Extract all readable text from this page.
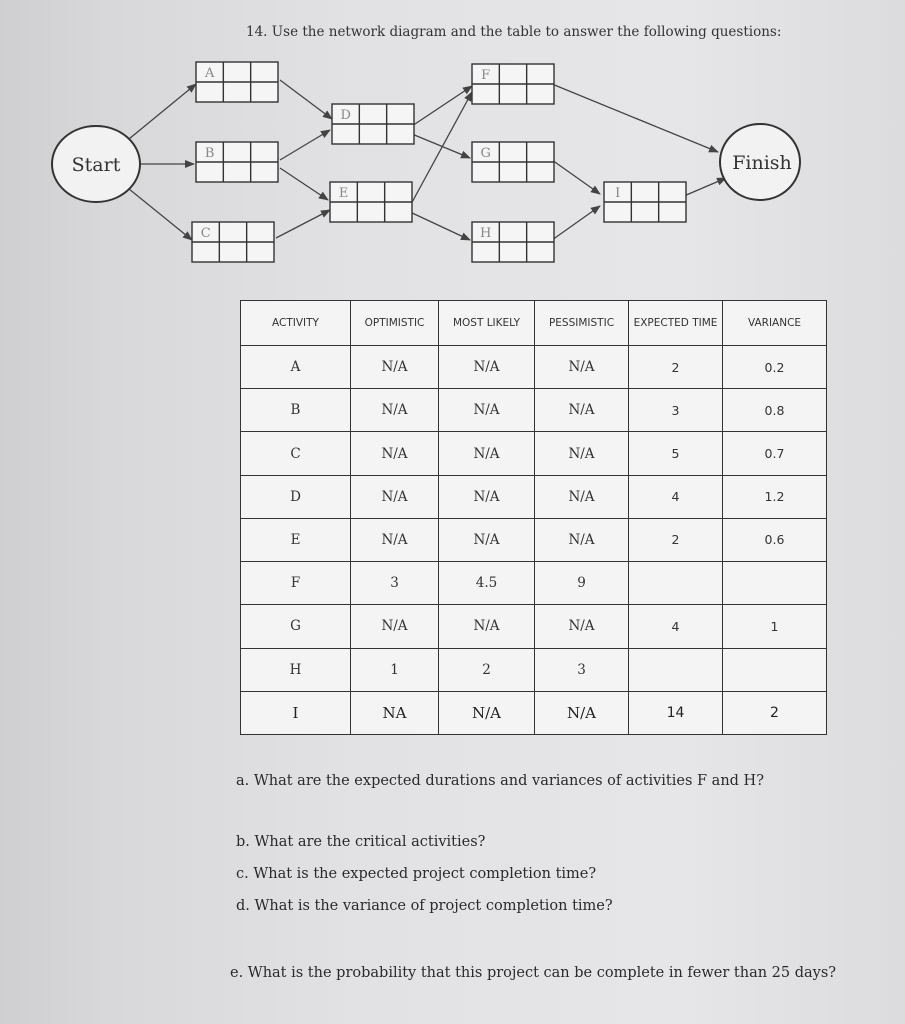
14. Use the network diagram and the table to answer the following questions:
Start	Finish
A
B
C
D
E
F
G
H
I
ACTIVITY	OPTIMISTIC	MOST LIKELY	PESSIMISTIC	EXPECTED TIME	VARIANCE
A	N/A	N/A	N/A	2	0.2
B	N/A	N/A	N/A	3	0.8
C	N/A	N/A	N/A	5	0.7
D	N/A	N/A	N/A	4	1.2
E	N/A	N/A	N/A	2	0.6
F	3	4.5	9		
G	N/A	N/A	N/A	4	1
H	1	2	3		
I	NA	N/A	N/A	14	2
a. What are the expected durations and variances of activities F and H?
b. What are the critical activities?
c. What is the expected project completion time?
d. What is the variance of project completion time?
e. What is the probability that this project can be complete in fewer than 25 days?
